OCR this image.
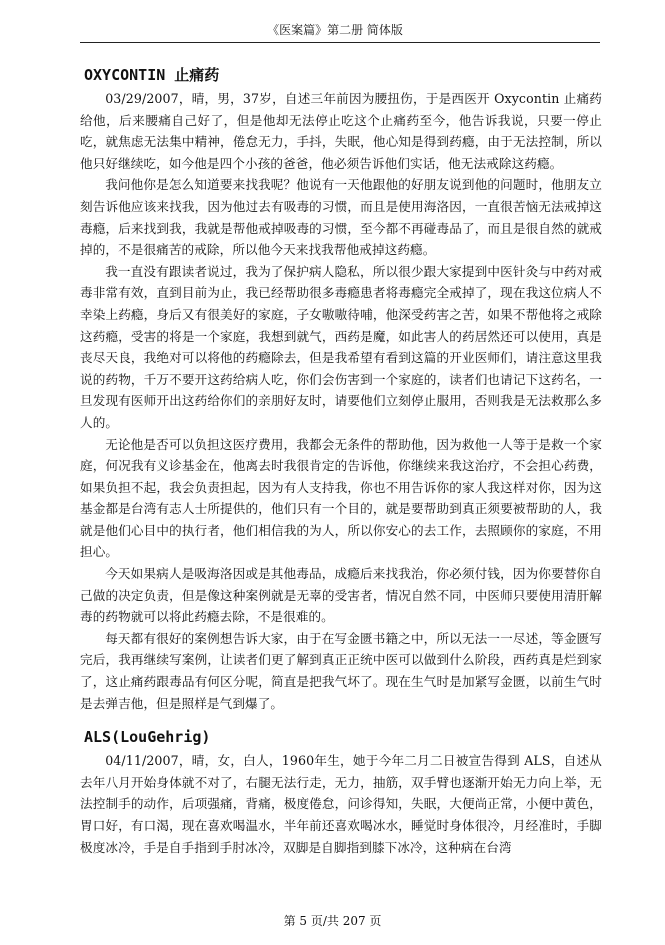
《医案篇》第二册 简体版
OXYCONTIN 止痛药

03/29/2007，晴，男，37岁，自述三年前因为腰扭伤，于是西医开 Oxycontin 止痛药给他，后来腰痛自己好了，但是他却无法停止吃这个止痛药至今，他告诉我说，只要一停止吃，就焦虑无法集中精神，倦怠无力，手抖，失眠，他心知是得到药瘾，由于无法控制，所以他只好继续吃，如今他是四个小孩的爸爸，他必须告诉他们实话，他无法戒除这药瘾。

我问他你是怎么知道要来找我呢？他说有一天他跟他的好朋友说到他的问题时，他朋友立刻告诉他应该来找我，因为他过去有吸毒的习惯，而且是使用海洛因，一直很苦恼无法戒掉这毒瘾，后来找到我，我就是帮他戒掉吸毒的习惯，至今都不再碰毒品了，而且是很自然的就戒掉的，不是很痛苦的戒除，所以他今天来找我帮他戒掉这药瘾。

我一直没有跟读者说过，我为了保护病人隐私，所以很少跟大家提到中医针灸与中药对戒毒非常有效，直到目前为止，我已经帮助很多毒瘾患者将毒瘾完全戒掉了，现在我这位病人不幸染上药瘾，身后又有很美好的家庭，子女嗷嗷待哺，他深受药害之苦，如果不帮他将之戒除这药瘾，受害的将是一个家庭，我想到就气，西药是魔，如此害人的药居然还可以使用，真是丧尽天良，我绝对可以将他的药瘾除去，但是我希望有看到这篇的开业医师们，请注意这里我说的药物，千万不要开这药给病人吃，你们会伤害到一个家庭的，读者们也请记下这药名，一旦发现有医师开出这药给你们的亲朋好友时，请要他们立刻停止服用，否则我是无法救那么多人的。

无论他是否可以负担这医疗费用，我都会无条件的帮助他，因为救他一人等于是救一个家庭，何况我有义诊基金在，他离去时我很肯定的告诉他，你继续来我这治疗，不会担心药费，如果负担不起，我会负责担起，因为有人支持我，你也不用告诉你的家人我这样对你，因为这基金都是台湾有志人士所提供的，他们只有一个目的，就是要帮助到真正须要被帮助的人，我就是他们心目中的执行者，他们相信我的为人，所以你安心的去工作，去照顾你的家庭，不用担心。

今天如果病人是吸海洛因或是其他毒品，成瘾后来找我治，你必须付钱，因为你要替你自己做的决定负责，但是像这种案例就是无辜的受害者，情况自然不同，中医师只要使用清肝解毒的药物就可以将此药瘾去除，不是很难的。

每天都有很好的案例想告诉大家，由于在写金匮书籍之中，所以无法一一尽述，等金匮写完后，我再继续写案例，让读者们更了解到真正正统中医可以做到什么阶段，西药真是烂到家了，这止痛药跟毒品有何区分呢，简直是把我气坏了。现在生气时是加紧写金匮，以前生气时是去弹吉他，但是照样是气到爆了。

ALS(LouGehrig)

04/11/2007，晴，女，白人，1960年生，她于今年二月二日被宣告得到 ALS，自述从去年八月开始身体就不对了，右腿无法行走，无力，抽筋，双手臂也逐渐开始无力向上举，无法控制手的动作，后项强痛，背痛，极度倦怠，问诊得知，失眠，大便尚正常，小便中黄色，胃口好，有口渴，现在喜欢喝温水，半年前还喜欢喝冰水，睡觉时身体很冷，月经准时，手脚极度冰冷，手是自手指到手肘冰冷，双脚是自脚指到膝下冰冷，这种病在台湾

第 5 页/共 207 页
